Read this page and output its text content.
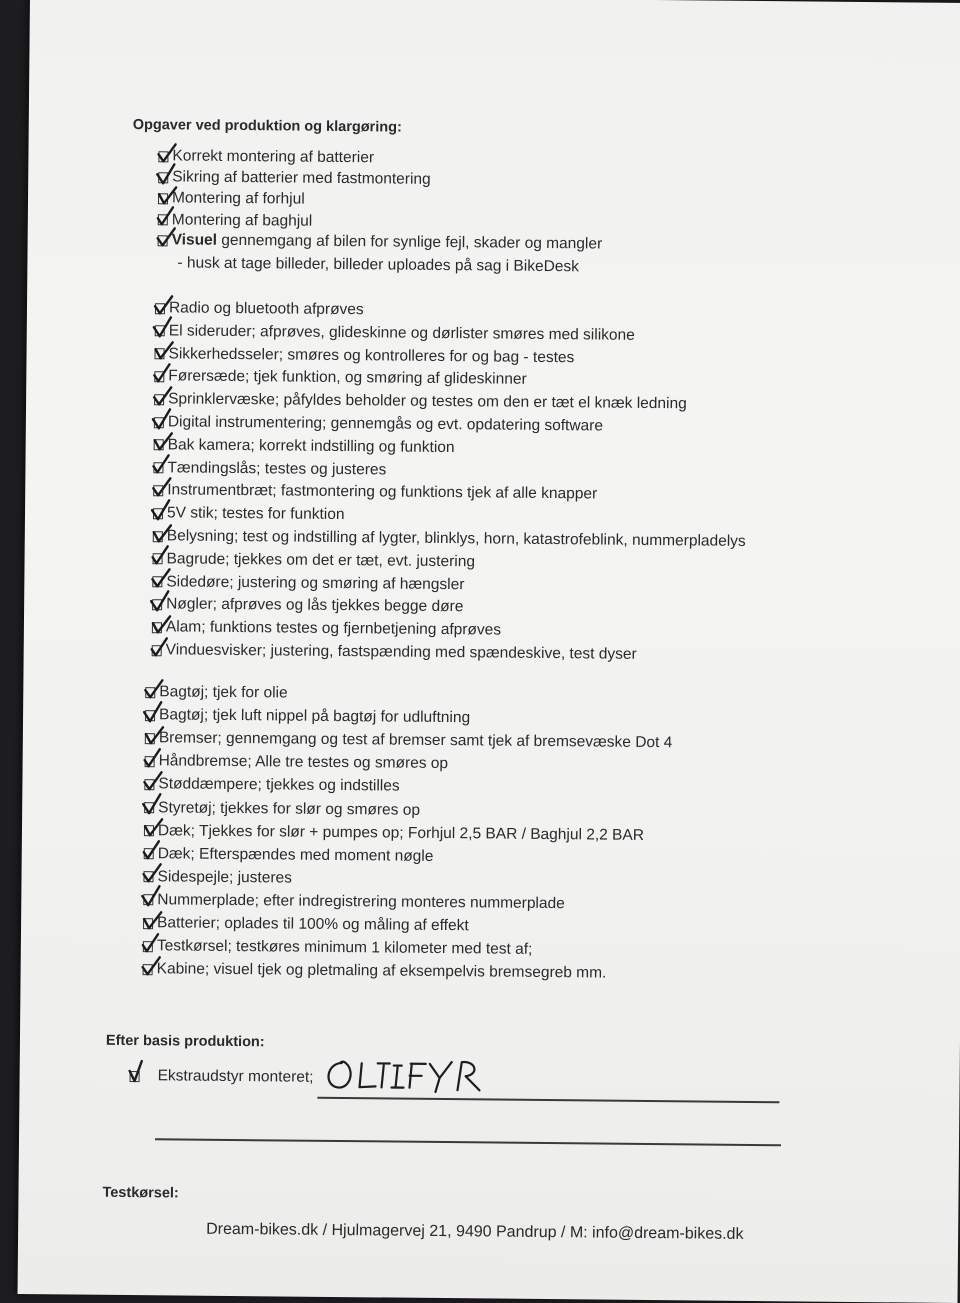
Opgaver ved produktion og klargøring:
Korrekt montering af batterier
Sikring af batterier med fastmontering
Montering af forhjul
Montering af baghjul
Visuel gennemgang af bilen for synlige fejl, skader og mangler
- husk at tage billeder, billeder uploades på sag i BikeDesk
Radio og bluetooth afprøves
El sideruder; afprøves, glideskinne og dørlister smøres med silikone
Sikkerhedsseler; smøres og kontrolleres for og bag - testes
Førersæde; tjek funktion, og smøring af glideskinner
Sprinklervæske; påfyldes beholder og testes om den er tæt el knæk ledning
Digital instrumentering; gennemgås og evt. opdatering software
Bak kamera; korrekt indstilling og funktion
Tændingslås; testes og justeres
Instrumentbræt; fastmontering og funktions tjek af alle knapper
5V stik; testes for funktion
Belysning; test og indstilling af lygter, blinklys, horn, katastrofeblink, nummerpladelys
Bagrude; tjekkes om det er tæt, evt. justering
Sidedøre; justering og smøring af hængsler
Nøgler; afprøves og lås tjekkes begge døre
Alam; funktions testes og fjernbetjening afprøves
Vinduesvisker; justering, fastspænding med spændeskive, test dyser
Bagtøj; tjek for olie
Bagtøj; tjek luft nippel på bagtøj for udluftning
Bremser; gennemgang og test af bremser samt tjek af bremsevæske Dot 4
Håndbremse; Alle tre testes og smøres op
Støddæmpere; tjekkes og indstilles
Styretøj; tjekkes for slør og smøres op
Dæk; Tjekkes for slør + pumpes op; Forhjul 2,5 BAR / Baghjul 2,2 BAR
Dæk; Efterspændes med moment nøgle
Sidespejle; justeres
Nummerplade; efter indregistrering monteres nummerplade
Batterier; oplades til 100% og måling af effekt
Testkørsel; testkøres minimum 1 kilometer med test af;
Kabine; visuel tjek og pletmaling af eksempelvis bremsegreb mm.
Efter basis produktion:
Ekstraudstyr monteret;
Testkørsel:
Dream-bikes.dk / Hjulmagervej 21, 9490 Pandrup / M: info@dream-bikes.dk
